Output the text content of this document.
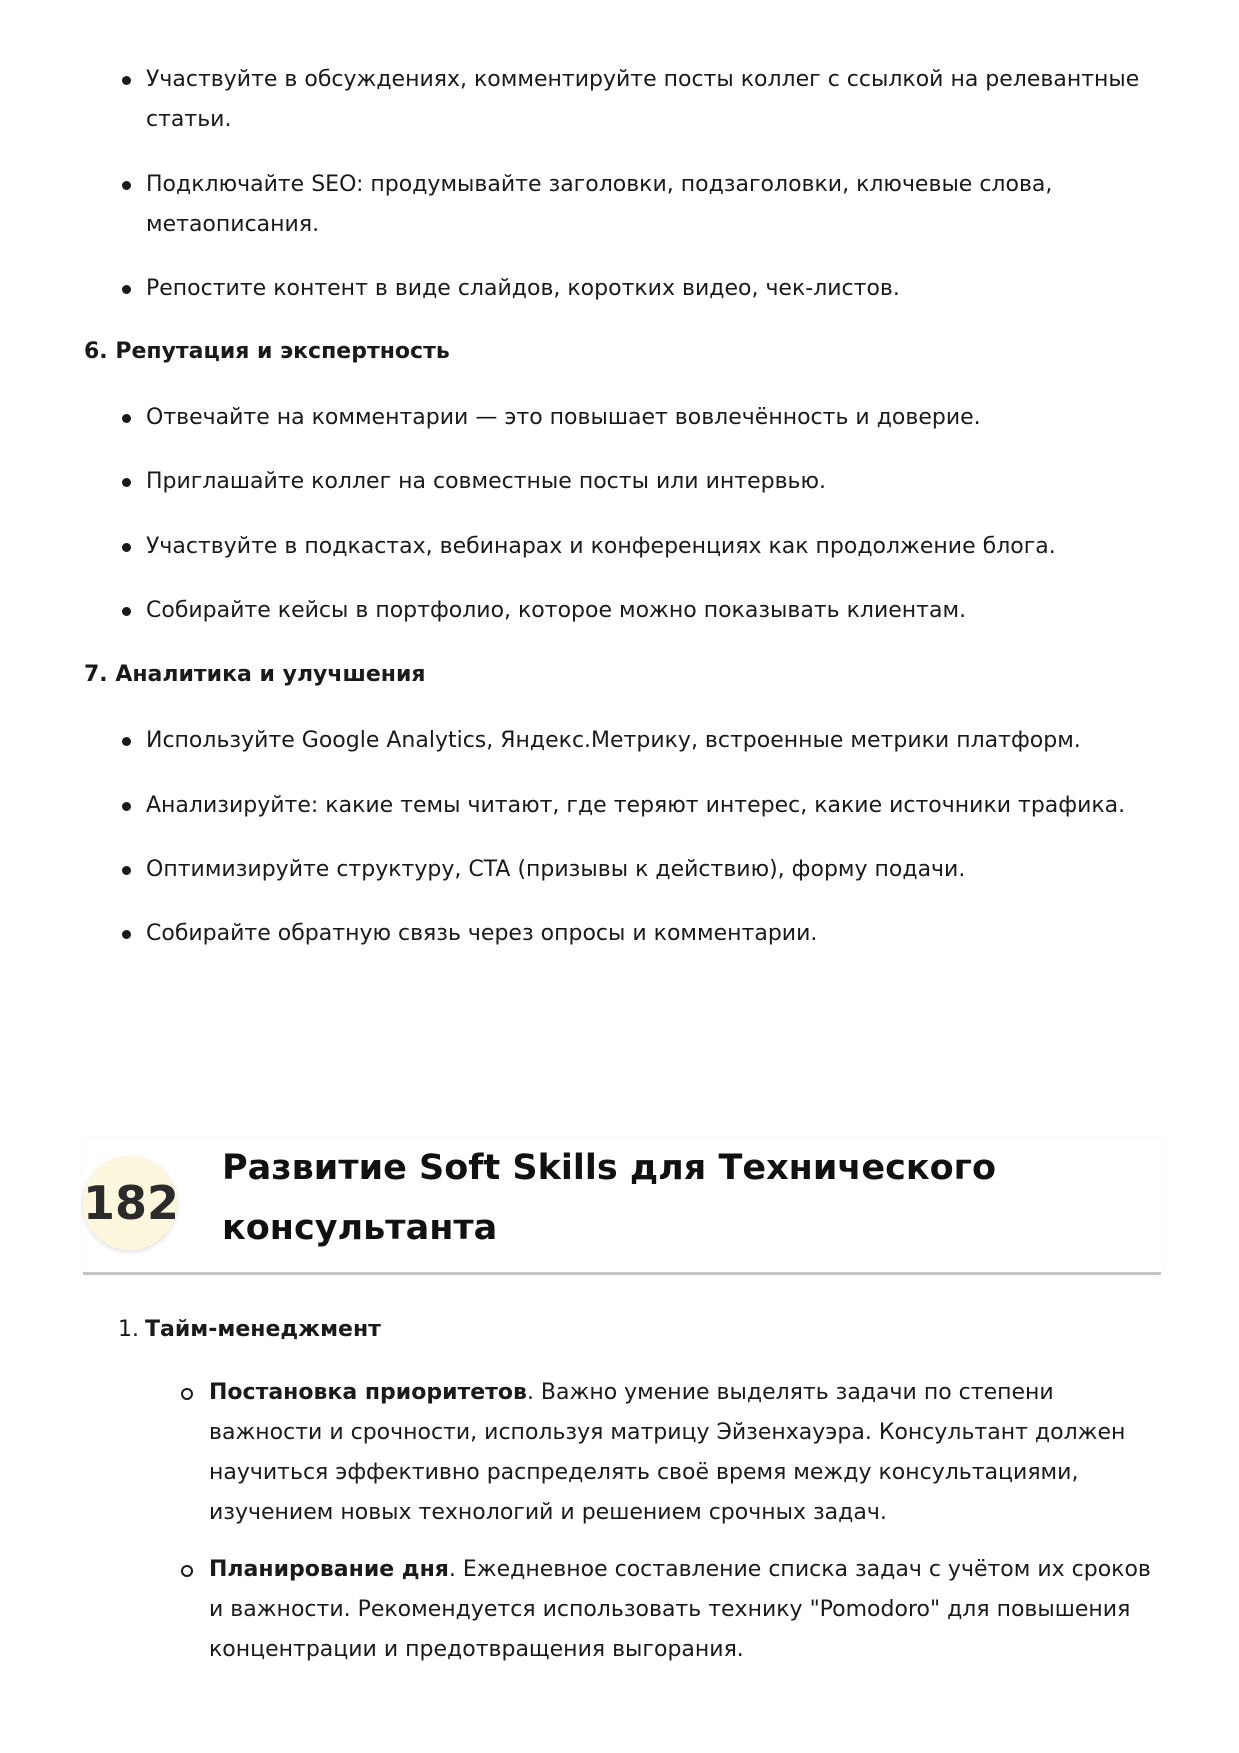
Участвуйте в обсуждениях, комментируйте посты коллег с ссылкой на релевантные статьи.
Подключайте SEO: продумывайте заголовки, подзаголовки, ключевые слова, метаописания.
Репостите контент в виде слайдов, коротких видео, чек-листов.
6. Репутация и экспертность
Отвечайте на комментарии — это повышает вовлечённость и доверие.
Приглашайте коллег на совместные посты или интервью.
Участвуйте в подкастах, вебинарах и конференциях как продолжение блога.
Собирайте кейсы в портфолио, которое можно показывать клиентам.
7. Аналитика и улучшения
Используйте Google Analytics, Яндекс.Метрику, встроенные метрики платформ.
Анализируйте: какие темы читают, где теряют интерес, какие источники трафика.
Оптимизируйте структуру, CTA (призывы к действию), форму подачи.
Собирайте обратную связь через опросы и комментарии.
182
Развитие Soft Skills для Технического консультанта
1. Тайм-менеджмент
Постановка приоритетов. Важно умение выделять задачи по степени важности и срочности, используя матрицу Эйзенхауэра. Консультант должен научиться эффективно распределять своё время между консультациями, изучением новых технологий и решением срочных задач.
Планирование дня. Ежедневное составление списка задач с учётом их сроков и важности. Рекомендуется использовать технику "Pomodoro" для повышения концентрации и предотвращения выгорания.
